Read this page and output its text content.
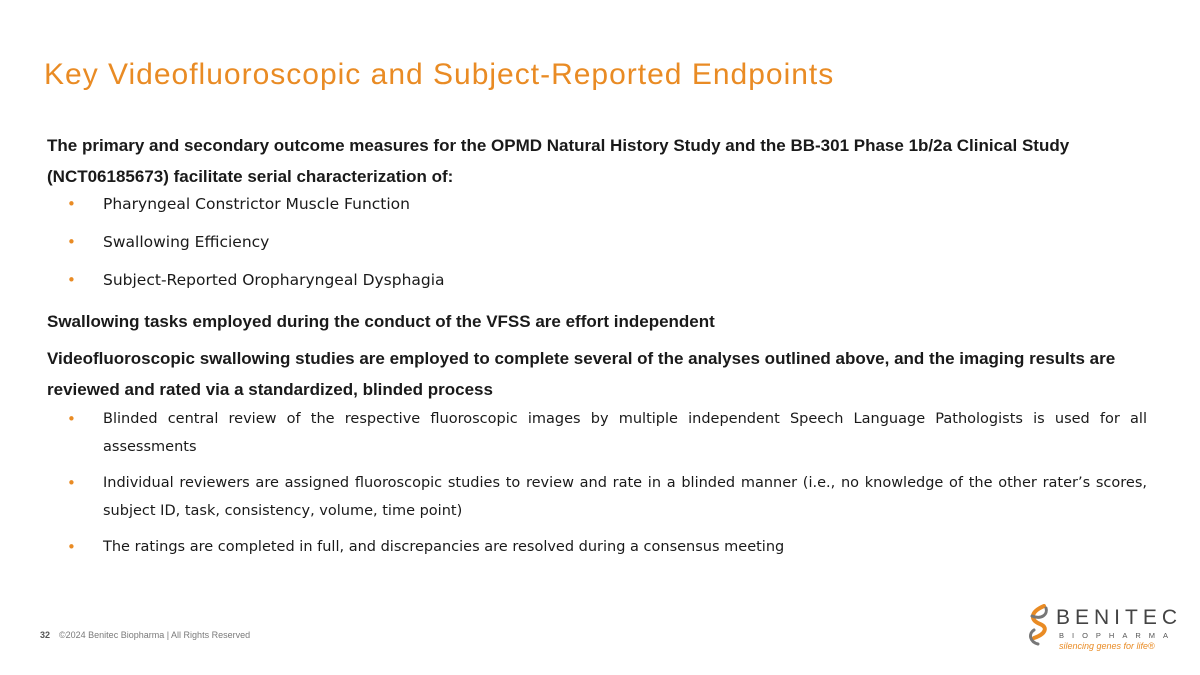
Key Videofluoroscopic and Subject-Reported Endpoints
The primary and secondary outcome measures for the OPMD Natural History Study and the BB-301 Phase 1b/2a Clinical Study (NCT06185673) facilitate serial characterization of:
• Pharyngeal Constrictor Muscle Function
• Swallowing Efficiency
• Subject-Reported Oropharyngeal Dysphagia
Swallowing tasks employed during the conduct of the VFSS are effort independent
Videofluoroscopic swallowing studies are employed to complete several of the analyses outlined above, and the imaging results are reviewed and rated via a standardized, blinded process
• Blinded central review of the respective fluoroscopic images by multiple independent Speech Language Pathologists is used for all assessments
• Individual reviewers are assigned fluoroscopic studies to review and rate in a blinded manner (i.e., no knowledge of the other rater’s scores, subject ID, task, consistency, volume, time point)
• The ratings are completed in full, and discrepancies are resolved during a consensus meeting
32 ©2024 Benitec Biopharma | All Rights Reserved
BENITEC
BIOPHARMA
silencing genes for life®
